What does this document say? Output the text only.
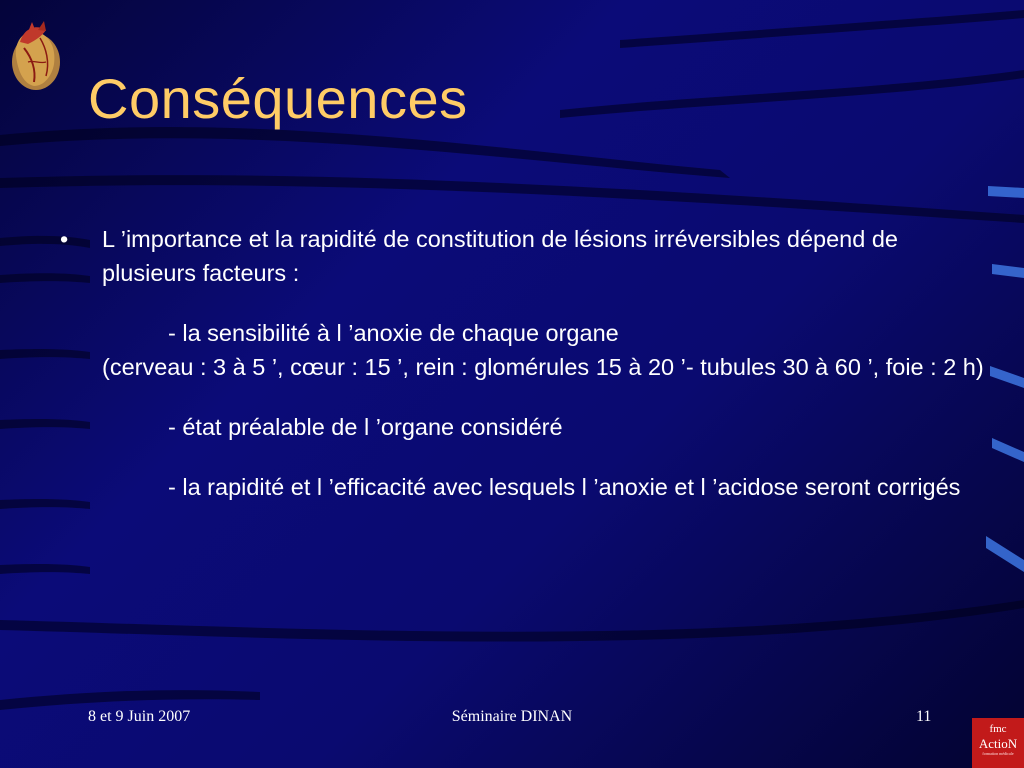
Conséquences
• L ’importance et la rapidité de constitution de lésions irréversibles dépend de plusieurs facteurs :
- la sensibilité à l ’anoxie de chaque organe
(cerveau : 3 à 5 ’, cœur : 15 ’, rein : glomérules 15 à 20 ’- tubules 30 à 60 ’, foie : 2 h)
- état préalable de l ’organe considéré
- la rapidité et l ’efficacité avec lesquels l ’anoxie et l ’acidose seront corrigés
8 et 9 Juin 2007	Séminaire DINAN	11
fmc
ActioN
formation médicale
